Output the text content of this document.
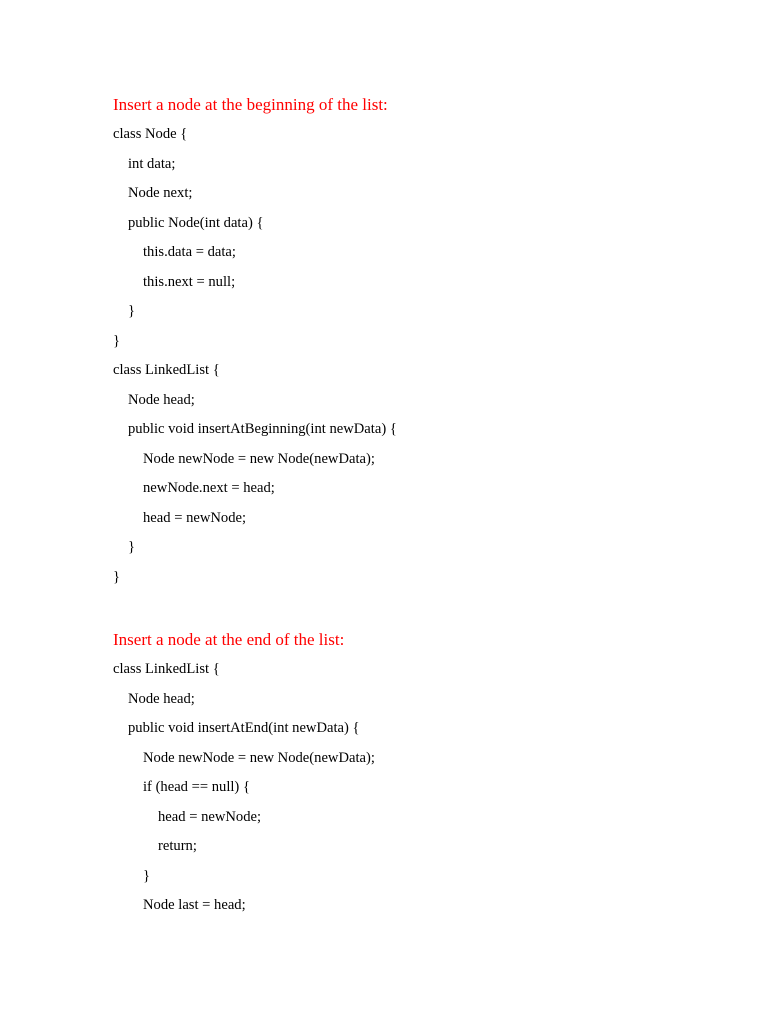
Insert a node at the beginning of the list:
class Node {
int data;
Node next;
public Node(int data) {
this.data = data;
this.next = null;
}
}
class LinkedList {
Node head;
public void insertAtBeginning(int newData) {
Node newNode = new Node(newData);
newNode.next = head;
head = newNode;
}
}
Insert a node at the end of the list:
class LinkedList {
Node head;
public void insertAtEnd(int newData) {
Node newNode = new Node(newData);
if (head == null) {
head = newNode;
return;
}
Node last = head;
